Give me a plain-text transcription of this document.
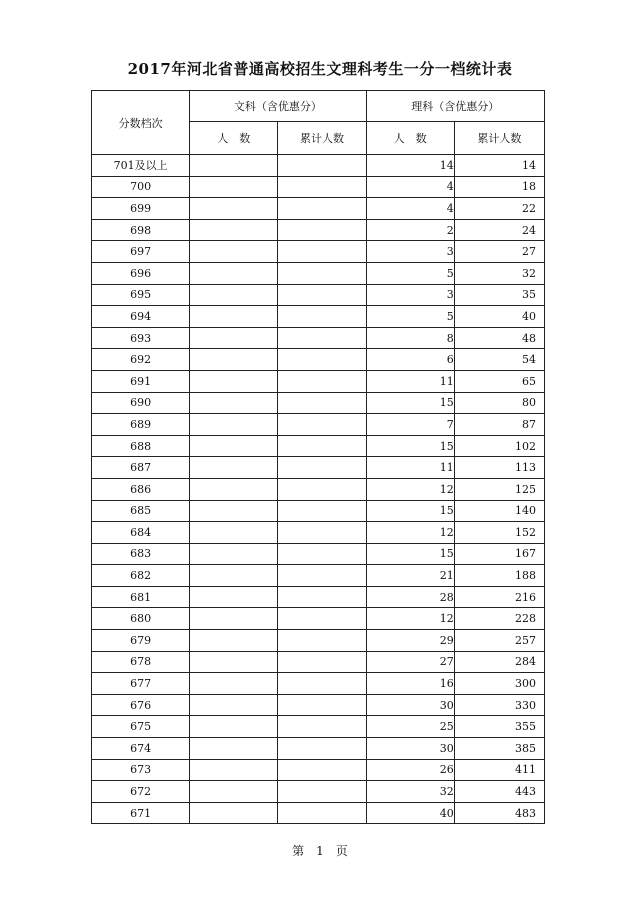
2017年河北省普通高校招生文理科考生一分一档统计表
分数档次	文科（含优惠分）		理科（含优惠分）	
	人　数	累计人数	人　数	累计人数
701及以上			14	14
700			4	18
699			4	22
698			2	24
697			3	27
696			5	32
695			3	35
694			5	40
693			8	48
692			6	54
691			11	65
690			15	80
689			7	87
688			15	102
687			11	113
686			12	125
685			15	140
684			12	152
683			15	167
682			21	188
681			28	216
680			12	228
679			29	257
678			27	284
677			16	300
676			30	330
675			25	355
674			30	385
673			26	411
672			32	443
671			40	483
第　1　页
